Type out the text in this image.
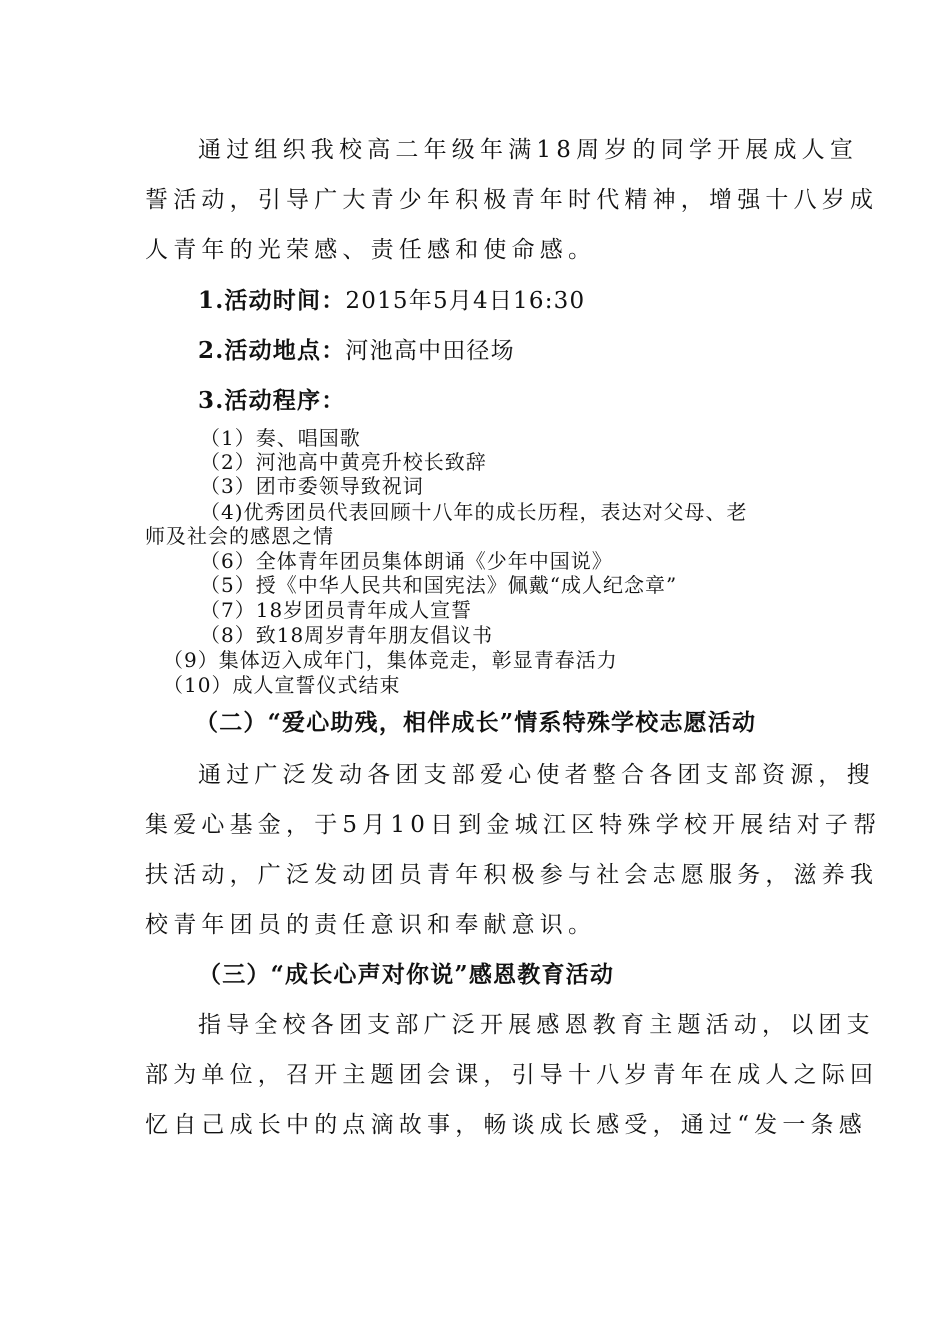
通过组织我校高二年级年满18周岁的同学开展成人宣
誓活动，引导广大青少年积极青年时代精神，增强十八岁成
人青年的光荣感、责任感和使命感。
1.活动时间：2015年5月4日16:30
2.活动地点：河池高中田径场
3.活动程序：
（1）奏、唱国歌
（2）河池高中黄亮升校长致辞
（3）团市委领导致祝词
（4)优秀团员代表回顾十八年的成长历程，表达对父母、老
师及社会的感恩之情
（6）全体青年团员集体朗诵《少年中国说》
（5）授《中华人民共和国宪法》佩戴“成人纪念章”
（7）18岁团员青年成人宣誓
（8）致18周岁青年朋友倡议书
（9）集体迈入成年门，集体竞走，彰显青春活力
（10）成人宣誓仪式结束
（二）“爱心助残，相伴成长”情系特殊学校志愿活动
通过广泛发动各团支部爱心使者整合各团支部资源，搜
集爱心基金，于5月10日到金城江区特殊学校开展结对子帮
扶活动，广泛发动团员青年积极参与社会志愿服务，滋养我
校青年团员的责任意识和奉献意识。
（三）“成长心声对你说”感恩教育活动
指导全校各团支部广泛开展感恩教育主题活动，以团支
部为单位，召开主题团会课，引导十八岁青年在成人之际回
忆自己成长中的点滴故事，畅谈成长感受，通过“发一条感
